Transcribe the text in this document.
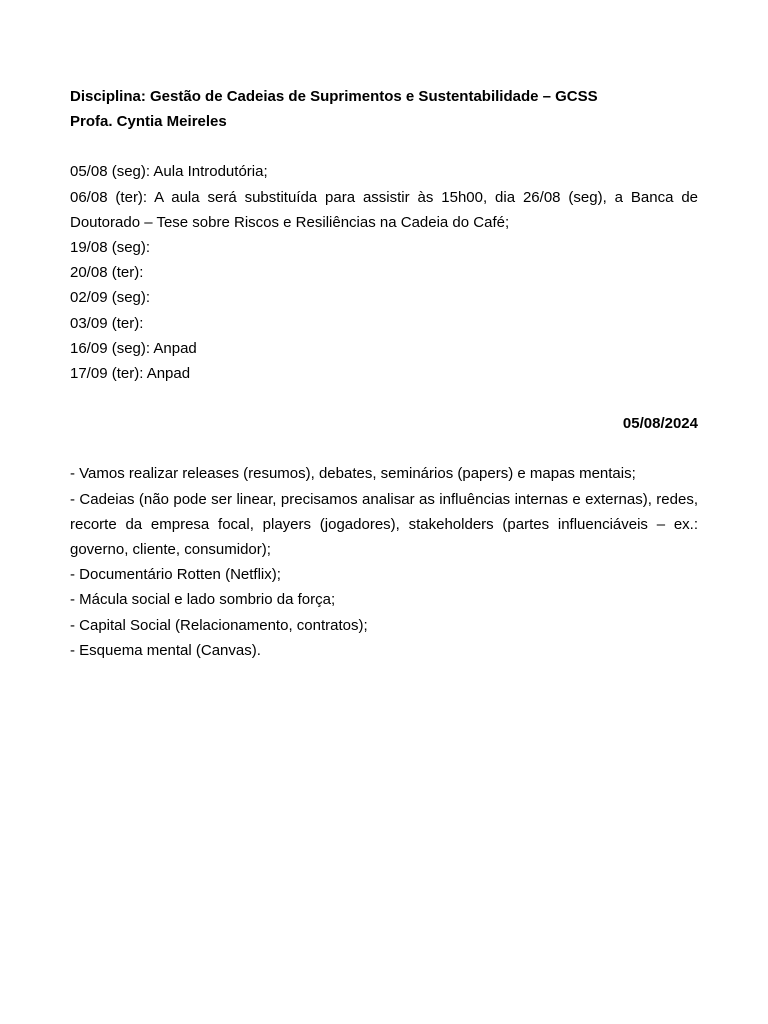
Disciplina: Gestão de Cadeias de Suprimentos e Sustentabilidade – GCSS

Profa. Cyntia Meireles

05/08 (seg): Aula Introdutória;

06/08 (ter): A aula será substituída para assistir às 15h00, dia 26/08 (seg), a Banca de Doutorado – Tese sobre Riscos e Resiliências na Cadeia do Café;

19/08 (seg):

20/08 (ter):

02/09 (seg):

03/09 (ter):

16/09 (seg): Anpad

17/09 (ter): Anpad

05/08/2024

- Vamos realizar releases (resumos), debates, seminários (papers) e mapas mentais;

- Cadeias (não pode ser linear, precisamos analisar as influências internas e externas), redes, recorte da empresa focal, players (jogadores), stakeholders (partes influenciáveis – ex.: governo, cliente, consumidor);

- Documentário Rotten (Netflix);

- Mácula social e lado sombrio da força;

- Capital Social (Relacionamento, contratos);

- Esquema mental (Canvas).
